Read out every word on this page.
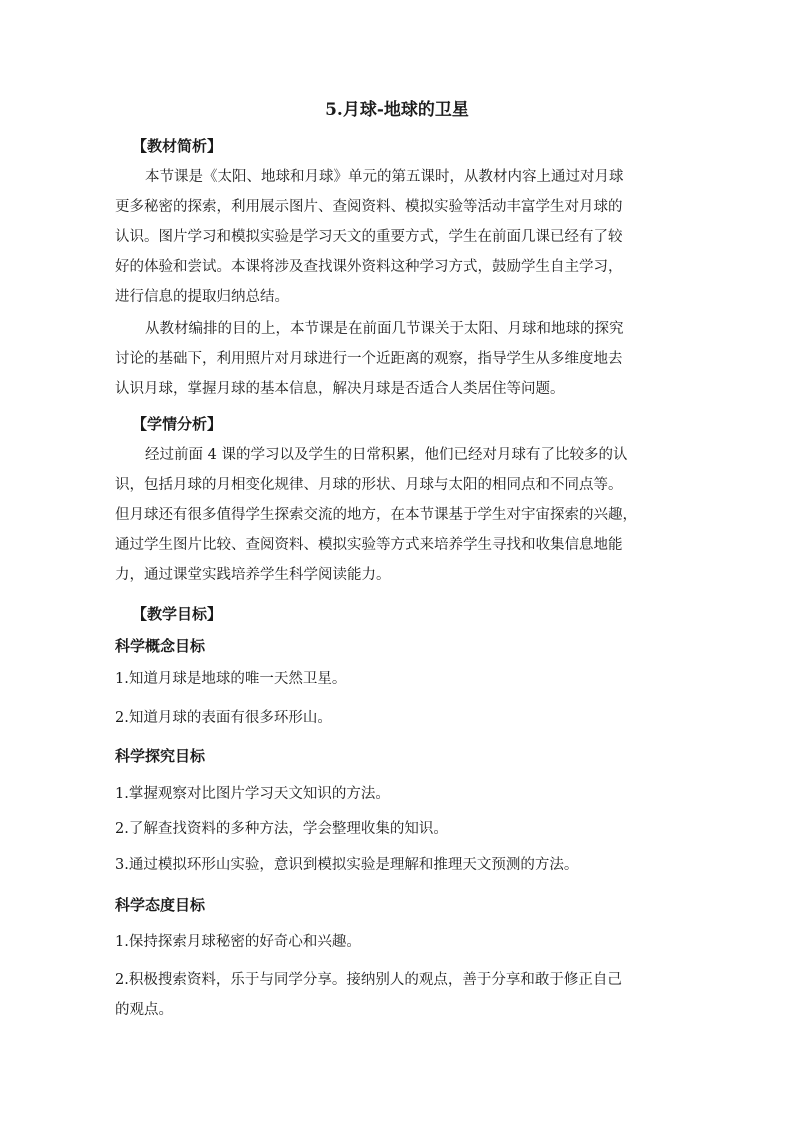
5.月球-地球的卫星
【教材简析】
本节课是《太阳、地球和月球》单元的第五课时，从教材内容上通过对月球
更多秘密的探索，利用展示图片、查阅资料、模拟实验等活动丰富学生对月球的
认识。图片学习和模拟实验是学习天文的重要方式，学生在前面几课已经有了较
好的体验和尝试。本课将涉及查找课外资料这种学习方式，鼓励学生自主学习，
进行信息的提取归纳总结。
从教材编排的目的上，本节课是在前面几节课关于太阳、月球和地球的探究
讨论的基础下，利用照片对月球进行一个近距离的观察，指导学生从多维度地去
认识月球，掌握月球的基本信息，解决月球是否适合人类居住等问题。
【学情分析】
经过前面 4 课的学习以及学生的日常积累，他们已经对月球有了比较多的认
识，包括月球的月相变化规律、月球的形状、月球与太阳的相同点和不同点等。
但月球还有很多值得学生探索交流的地方，在本节课基于学生对宇宙探索的兴趣，
通过学生图片比较、查阅资料、模拟实验等方式来培养学生寻找和收集信息地能
力，通过课堂实践培养学生科学阅读能力。
【教学目标】
科学概念目标
1.知道月球是地球的唯一天然卫星。
2.知道月球的表面有很多环形山。
科学探究目标
1.掌握观察对比图片学习天文知识的方法。
2.了解查找资料的多种方法，学会整理收集的知识。
3.通过模拟环形山实验，意识到模拟实验是理解和推理天文预测的方法。
科学态度目标
1.保持探索月球秘密的好奇心和兴趣。
2.积极搜索资料，乐于与同学分享。接纳别人的观点，善于分享和敢于修正自己
的观点。
